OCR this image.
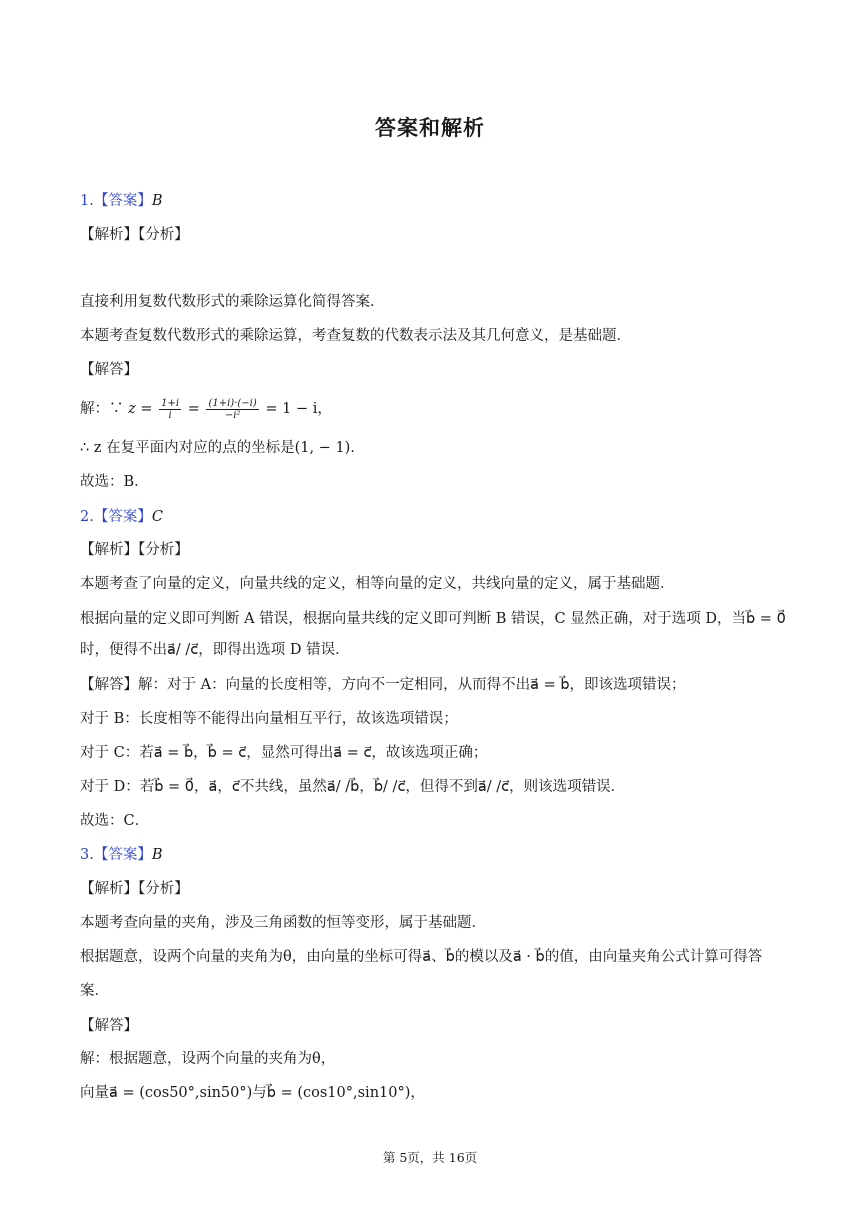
答案和解析
1.【答案】B
【解析】【分析】
直接利用复数代数形式的乘除运算化简得答案．
本题考查复数代数形式的乘除运算，考查复数的代数表示法及其几何意义，是基础题．
【解答】
解：∵ $z = \frac{1+i}{i} = \frac{(1+i)\cdot(-i)}{\text{−i²}} = 1 - i$，
∴ z 在复平面内对应的点的坐标是(1, − 1)．
故选：B．
2.【答案】C
【解析】【分析】
本题考查了向量的定义，向量共线的定义，相等向量的定义，共线向量的定义，属于基础题．
根据向量的定义即可判断 A 错误，根据向量共线的定义即可判断 B 错误，C 显然正确，对于选项 D，当b⃗ = 0⃗
时，便得不出a⃗/ /c⃗，即得出选项 D 错误．
【解答】解：对于 A：向量的长度相等，方向不一定相同，从而得不出a⃗ = b⃗，即该选项错误；
对于 B：长度相等不能得出向量相互平行，故该选项错误；
对于 C：若a⃗ = b⃗，b⃗ = c⃗，显然可得出a⃗ = c⃗，故该选项正确；
对于 D：若b⃗ = 0⃗，a⃗，c⃗不共线，虽然a⃗/ /b⃗，b⃗/ /c⃗，但得不到a⃗/ /c⃗，则该选项错误．
故选：C．
3.【答案】B
【解析】【分析】
本题考查向量的夹角，涉及三角函数的恒等变形，属于基础题．
根据题意，设两个向量的夹角为θ，由向量的坐标可得a⃗、b⃗的模以及a⃗ · b⃗的值，由向量夹角公式计算可得答
案．
【解答】
解：根据题意，设两个向量的夹角为θ，
向量a⃗ = (cos50°,sin50°)与b⃗ = (cos10°,sin10°)，
第 5页，共 16页
